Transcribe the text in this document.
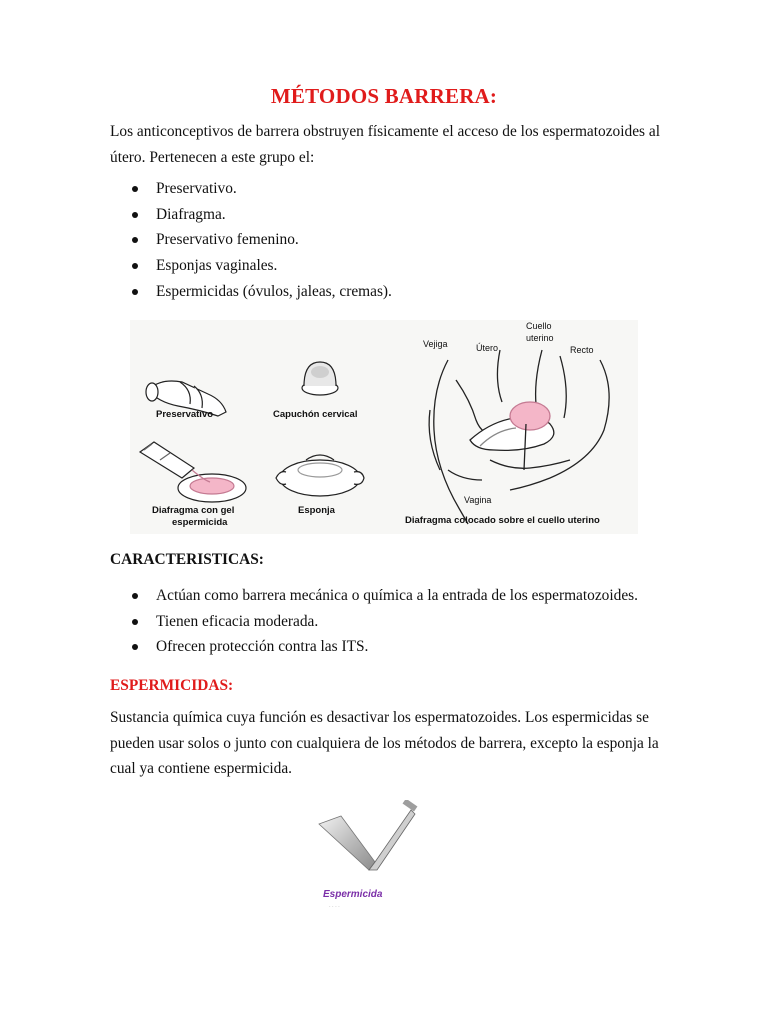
MÉTODOS BARRERA:

Los anticonceptivos de barrera obstruyen físicamente el acceso de los espermatozoides al útero. Pertenecen a este grupo el:

Preservativo.
Diafragma.
Preservativo femenino.
Esponjas vaginales.
Espermicidas (óvulos, jaleas, cremas).
Preservativo	Capuchón cervical
Diafragma con gel
espermicida
Esponja
Cuello
uterino
Vejiga	Útero	Recto
Vagina
Diafragma colocado sobre el cuello uterino
CARACTERISTICAS:
Actúan como barrera mecánica o química a la entrada de los espermatozoides.
Tienen eficacia moderada.
Ofrecen protección contra las ITS.
ESPERMICIDAS:

Sustancia química cuya función es desactivar los espermatozoides. Los espermicidas se pueden usar solos o junto con cualquiera de los métodos de barrera, excepto la esponja la cual ya contiene espermicida.

Espermicida
· · · ·
